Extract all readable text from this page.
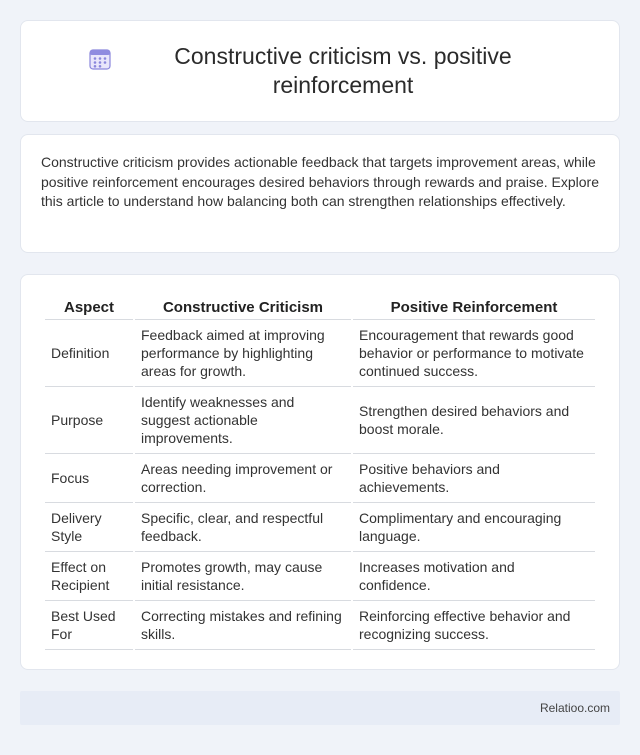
Constructive criticism vs. positive reinforcement

Constructive criticism provides actionable feedback that targets improvement areas, while positive reinforcement encourages desired behaviors through rewards and praise. Explore this article to understand how balancing both can strengthen relationships effectively.

Aspect	Constructive Criticism	Positive Reinforcement
Definition	Feedback aimed at improving performance by highlighting areas for growth.	Encouragement that rewards good behavior or performance to motivate continued success.
Purpose	Identify weaknesses and suggest actionable improvements.	Strengthen desired behaviors and boost morale.
Focus	Areas needing improvement or correction.	Positive behaviors and achievements.
Delivery Style	Specific, clear, and respectful feedback.	Complimentary and encouraging language.
Effect on Recipient	Promotes growth, may cause initial resistance.	Increases motivation and confidence.
Best Used For	Correcting mistakes and refining skills.	Reinforcing effective behavior and recognizing success.
Relatioo.com
